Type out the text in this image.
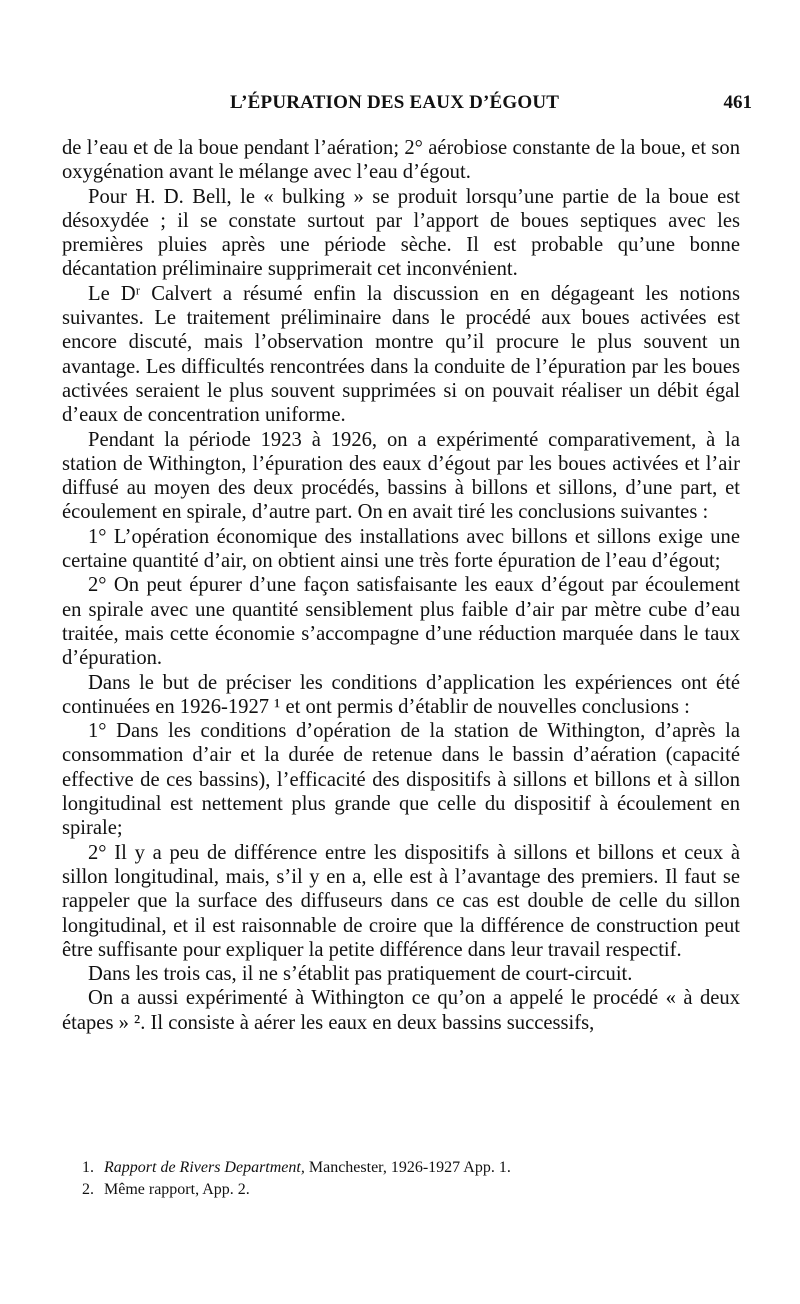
L’ÉPURATION DES EAUX D’ÉGOUT	461

de l’eau et de la boue pendant l’aération; 2° aérobiose constante de la boue, et son oxygénation avant le mélange avec l’eau d’égout.

Pour H. D. Bell, le « bulking » se produit lorsqu’une partie de la boue est désoxydée ; il se constate surtout par l’apport de boues septiques avec les premières pluies après une période sèche. Il est probable qu’une bonne décantation préliminaire supprimerait cet inconvénient.

Le Dʳ Calvert a résumé enfin la discussion en en dégageant les notions suivantes. Le traitement préliminaire dans le procédé aux boues activées est encore discuté, mais l’observation montre qu’il procure le plus souvent un avantage. Les difficultés rencontrées dans la conduite de l’épuration par les boues activées seraient le plus souvent supprimées si on pouvait réaliser un débit égal d’eaux de concentration uniforme.

Pendant la période 1923 à 1926, on a expérimenté comparativement, à la station de Withington, l’épuration des eaux d’égout par les boues activées et l’air diffusé au moyen des deux procédés, bassins à billons et sillons, d’une part, et écoulement en spirale, d’autre part. On en avait tiré les conclusions suivantes :

1° L’opération économique des installations avec billons et sillons exige une certaine quantité d’air, on obtient ainsi une très forte épuration de l’eau d’égout;

2° On peut épurer d’une façon satisfaisante les eaux d’égout par écoulement en spirale avec une quantité sensiblement plus faible d’air par mètre cube d’eau traitée, mais cette économie s’accompagne d’une réduction marquée dans le taux d’épuration.

Dans le but de préciser les conditions d’application les expériences ont été continuées en 1926-1927 ¹ et ont permis d’établir de nouvelles conclusions :

1° Dans les conditions d’opération de la station de Withington, d’après la consommation d’air et la durée de retenue dans le bassin d’aération (capacité effective de ces bassins), l’efficacité des dispositifs à sillons et billons et à sillon longitudinal est nettement plus grande que celle du dispositif à écoulement en spirale;

2° Il y a peu de différence entre les dispositifs à sillons et billons et ceux à sillon longitudinal, mais, s’il y en a, elle est à l’avantage des premiers. Il faut se rappeler que la surface des diffuseurs dans ce cas est double de celle du sillon longitudinal, et il est raisonnable de croire que la différence de construction peut être suffisante pour expliquer la petite différence dans leur travail respectif.

Dans les trois cas, il ne s’établit pas pratiquement de court-circuit.

On a aussi expérimenté à Withington ce qu’on a appelé le procédé « à deux étapes » ². Il consiste à aérer les eaux en deux bassins successifs,

1. Rapport de Rivers Department, Manchester, 1926-1927 App. 1.

2. Même rapport, App. 2.
